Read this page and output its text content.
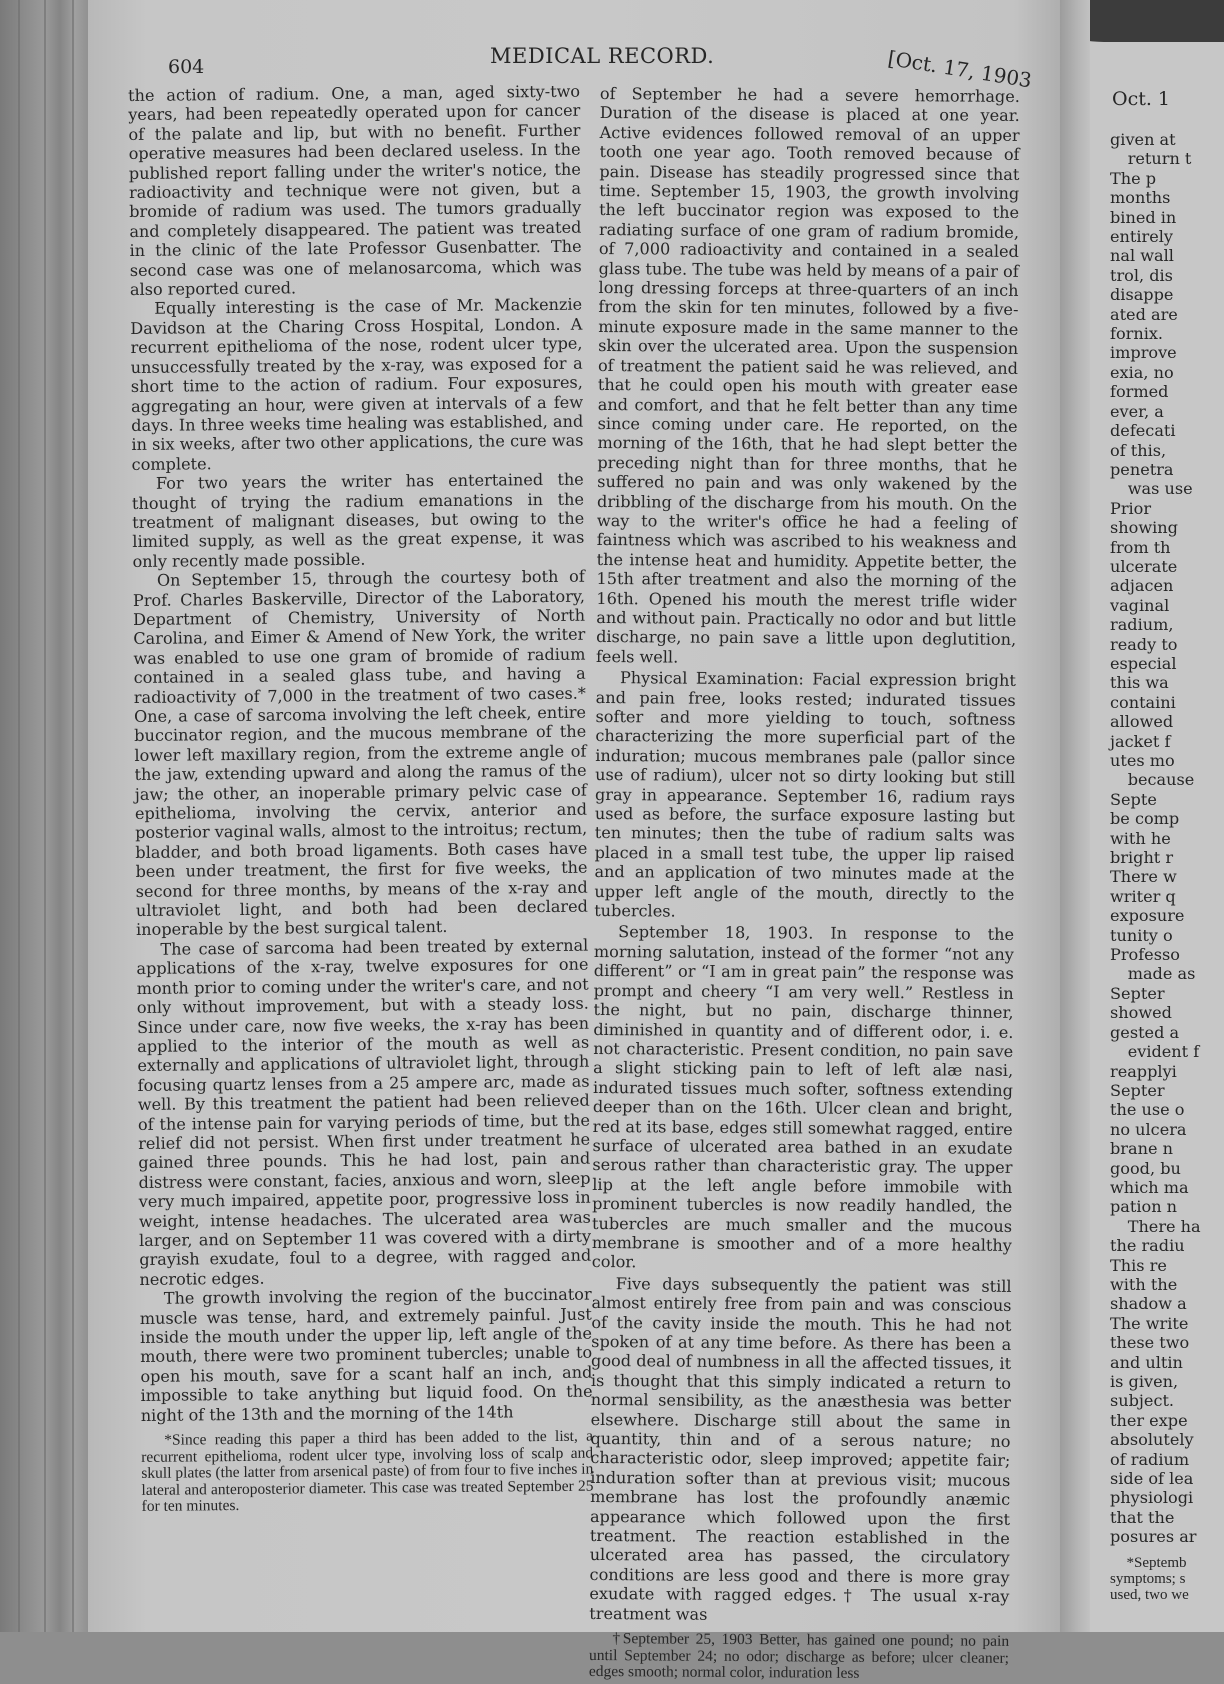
604	MEDICAL RECORD.	[Oct. 17, 1903

the action of radium. One, a man, aged sixty-two years, had been repeatedly operated upon for cancer of the palate and lip, but with no benefit. Further operative measures had been declared useless. In the published report falling under the writer's notice, the radioactivity and technique were not given, but a bromide of radium was used. The tumors gradually and completely disappeared. The patient was treated in the clinic of the late Professor Gusenbatter. The second case was one of melanosarcoma, which was also reported cured.

Equally interesting is the case of Mr. Mackenzie Davidson at the Charing Cross Hospital, London. A recurrent epithelioma of the nose, rodent ulcer type, unsuccessfully treated by the x-ray, was exposed for a short time to the action of radium. Four exposures, aggregating an hour, were given at intervals of a few days. In three weeks time healing was established, and in six weeks, after two other applications, the cure was complete.

For two years the writer has entertained the thought of trying the radium emanations in the treatment of malignant diseases, but owing to the limited supply, as well as the great expense, it was only recently made possible.

On September 15, through the courtesy both of Prof. Charles Baskerville, Director of the Laboratory, Department of Chemistry, University of North Carolina, and Eimer & Amend of New York, the writer was enabled to use one gram of bromide of radium contained in a sealed glass tube, and having a radioactivity of 7,000 in the treatment of two cases.* One, a case of sarcoma involving the left cheek, entire buccinator region, and the mucous membrane of the lower left maxillary region, from the extreme angle of the jaw, extending upward and along the ramus of the jaw; the other, an inoperable primary pelvic case of epithelioma, involving the cervix, anterior and posterior vaginal walls, almost to the introitus; rectum, bladder, and both broad ligaments. Both cases have been under treatment, the first for five weeks, the second for three months, by means of the x-ray and ultraviolet light, and both had been declared inoperable by the best surgical talent.

The case of sarcoma had been treated by external applications of the x-ray, twelve exposures for one month prior to coming under the writer's care, and not only without improvement, but with a steady loss. Since under care, now five weeks, the x-ray has been applied to the interior of the mouth as well as externally and applications of ultraviolet light, through focusing quartz lenses from a 25 ampere arc, made as well. By this treatment the patient had been relieved of the intense pain for varying periods of time, but the relief did not persist. When first under treatment he gained three pounds. This he had lost, pain and distress were constant, facies, anxious and worn, sleep very much impaired, appetite poor, progressive loss in weight, intense headaches. The ulcerated area was larger, and on September 11 was covered with a dirty grayish exudate, foul to a degree, with ragged and necrotic edges.

The growth involving the region of the buccinator muscle was tense, hard, and extremely painful. Just inside the mouth under the upper lip, left angle of the mouth, there were two prominent tubercles; unable to open his mouth, save for a scant half an inch, and impossible to take anything but liquid food. On the night of the 13th and the morning of the 14th

*Since reading this paper a third has been added to the list, a recurrent epithelioma, rodent ulcer type, involving loss of scalp and skull plates (the latter from arsenical paste) of from four to five inches in lateral and anteroposterior diameter. This case was treated September 25 for ten minutes.

of September he had a severe hemorrhage. Duration of the disease is placed at one year. Active evidences followed removal of an upper tooth one year ago. Tooth removed because of pain. Disease has steadily progressed since that time. September 15, 1903, the growth involving the left buccinator region was exposed to the radiating surface of one gram of radium bromide, of 7,000 radioactivity and contained in a sealed glass tube. The tube was held by means of a pair of long dressing forceps at three-quarters of an inch from the skin for ten minutes, followed by a five-minute exposure made in the same manner to the skin over the ulcerated area. Upon the suspension of treatment the patient said he was relieved, and that he could open his mouth with greater ease and comfort, and that he felt better than any time since coming under care. He reported, on the morning of the 16th, that he had slept better the preceding night than for three months, that he suffered no pain and was only wakened by the dribbling of the discharge from his mouth. On the way to the writer's office he had a feeling of faintness which was ascribed to his weakness and the intense heat and humidity. Appetite better, the 15th after treatment and also the morning of the 16th. Opened his mouth the merest trifle wider and without pain. Practically no odor and but little discharge, no pain save a little upon deglutition, feels well.

Physical Examination: Facial expression bright and pain free, looks rested; indurated tissues softer and more yielding to touch, softness characterizing the more superficial part of the induration; mucous membranes pale (pallor since use of radium), ulcer not so dirty looking but still gray in appearance. September 16, radium rays used as before, the surface exposure lasting but ten minutes; then the tube of radium salts was placed in a small test tube, the upper lip raised and an application of two minutes made at the upper left angle of the mouth, directly to the tubercles.

September 18, 1903. In response to the morning salutation, instead of the former “not any different” or “I am in great pain” the response was prompt and cheery “I am very well.” Restless in the night, but no pain, discharge thinner, diminished in quantity and of different odor, i. e. not characteristic. Present condition, no pain save a slight sticking pain to left of left alæ nasi, indurated tissues much softer, softness extending deeper than on the 16th. Ulcer clean and bright, red at its base, edges still somewhat ragged, entire surface of ulcerated area bathed in an exudate serous rather than characteristic gray. The upper lip at the left angle before immobile with prominent tubercles is now readily handled, the tubercles are much smaller and the mucous membrane is smoother and of a more healthy color.

Five days subsequently the patient was still almost entirely free from pain and was conscious of the cavity inside the mouth. This he had not spoken of at any time before. As there has been a good deal of numbness in all the affected tissues, it is thought that this simply indicated a return to normal sensibility, as the anæsthesia was better elsewhere. Discharge still about the same in quantity, thin and of a serous nature; no characteristic odor, sleep improved; appetite fair; induration softer than at previous visit; mucous membrane has lost the profoundly anæmic appearance which followed upon the first treatment. The reaction established in the ulcerated area has passed, the circulatory conditions are less good and there is more gray exudate with ragged edges.† The usual x-ray treatment was

†September 25, 1903 Better, has gained one pound; no pain until September 24; no odor; discharge as before; ulcer cleaner; edges smooth; normal color, induration less

Oct. 1
given at
return t
The p
months
bined in
entirely
nal wall
trol, dis
disappe
ated are
fornix.
improve
exia, no
formed
ever, a
defecati
of this,
penetra
was use
Prior
showing
from th
ulcerate
adjacen
vaginal
radium,
ready to
especial
this wa
containi
allowed
jacket f
utes mo
because
Septe
be comp
with he
bright r
There w
writer q
exposure
tunity o
Professo
made as
Septer
showed
gested a
evident f
reapplyi
Septer
the use o
no ulcera
brane n
good, bu
which ma
pation n
There ha
the radiu
This re
with the
shadow a
The write
these two
and ultin
is given,
subject.
ther expe
absolutely
of radium
side of lea
physiologi
that the
posures ar
*Septemb
symptoms; s
used, two we
